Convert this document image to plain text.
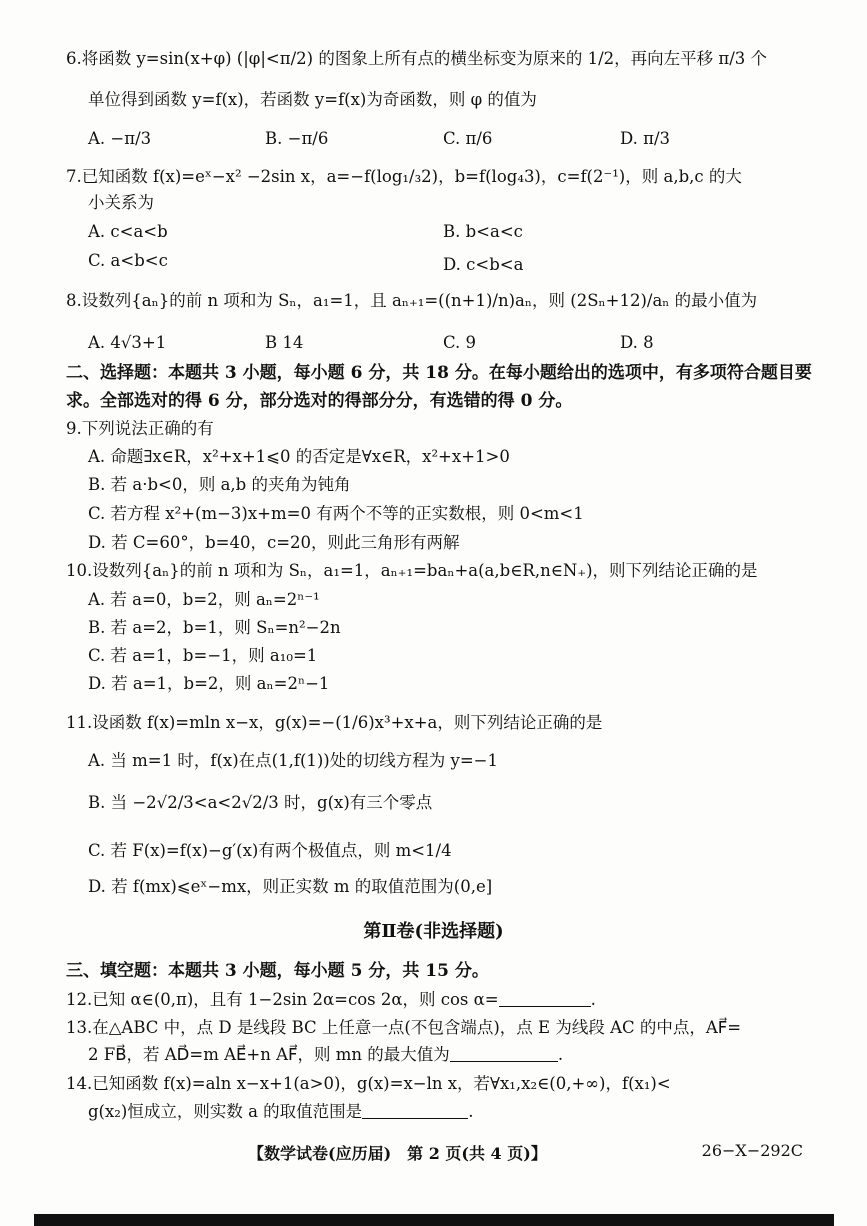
6.将函数 y=sin(x+φ) (|φ|<π/2) 的图象上所有点的横坐标变为原来的 1/2，再向左平移 π/3 个
单位得到函数 y=f(x)，若函数 y=f(x)为奇函数，则 φ 的值为
A. −π/3	B. −π/6	C. π/6	D. π/3
7.已知函数 f(x)=eˣ−x² −2sin x，a=−f(log₁/₃2)，b=f(log₄3)，c=f(2⁻¹)，则 a,b,c 的大
小关系为
A. c<a<b	B. b<a<c
C. a<b<c	D. c<b<a
8.设数列{aₙ}的前 n 项和为 Sₙ，a₁=1，且 aₙ₊₁=((n+1)/n)aₙ，则 (2Sₙ+12)/aₙ 的最小值为
A. 4√3+1	B 14	C. 9	D. 8
二、选择题：本题共 3 小题，每小题 6 分，共 18 分。在每小题给出的选项中，有多项符合题目要
求。全部选对的得 6 分，部分选对的得部分分，有选错的得 0 分。
9.下列说法正确的有
A. 命题∃x∈R，x²+x+1⩽0 的否定是∀x∈R，x²+x+1>0
B. 若 a·b<0，则 a,b 的夹角为钝角
C. 若方程 x²+(m−3)x+m=0 有两个不等的正实数根，则 0<m<1
D. 若 C=60°，b=40，c=20，则此三角形有两解
10.设数列{aₙ}的前 n 项和为 Sₙ，a₁=1，aₙ₊₁=baₙ+a(a,b∈R,n∈N₊)，则下列结论正确的是
A. 若 a=0，b=2，则 aₙ=2ⁿ⁻¹
B. 若 a=2，b=1，则 Sₙ=n²−2n
C. 若 a=1，b=−1，则 a₁₀=1
D. 若 a=1，b=2，则 aₙ=2ⁿ−1
11.设函数 f(x)=mln x−x，g(x)=−(1/6)x³+x+a，则下列结论正确的是
A. 当 m=1 时，f(x)在点(1,f(1))处的切线方程为 y=−1
B. 当 −2√2/3<a<2√2/3 时，g(x)有三个零点
C. 若 F(x)=f(x)−g′(x)有两个极值点，则 m<1/4
D. 若 f(mx)⩽eˣ−mx，则正实数 m 的取值范围为(0,e]
第Ⅱ卷(非选择题)
三、填空题：本题共 3 小题，每小题 5 分，共 15 分。
12.已知 α∈(0,π)，且有 1−2sin 2α=cos 2α，则 cos α=	.
13.在△ABC 中，点 D 是线段 BC 上任意一点(不包含端点)，点 E 为线段 AC 的中点，AF⃗=
2 FB⃗，若 AD⃗=m AE⃗+n AF⃗，则 mn 的最大值为	.
14.已知函数 f(x)=aln x−x+1(a>0)，g(x)=x−ln x，若∀x₁,x₂∈(0,+∞)，f(x₁)<
g(x₂)恒成立，则实数 a 的取值范围是	.
【数学试卷(应历届)　第 2 页(共 4 页)】	26−X−292C
